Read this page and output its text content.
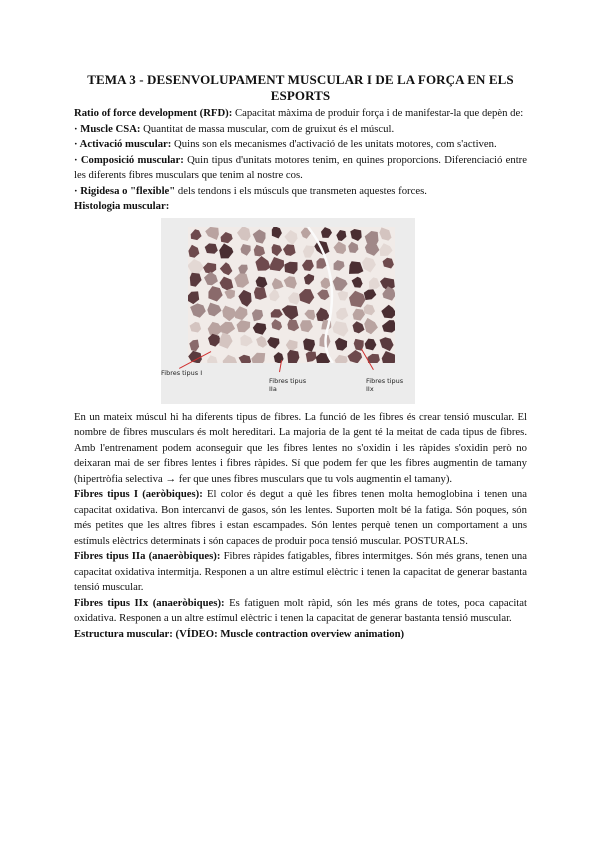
TEMA 3 - DESENVOLUPAMENT MUSCULAR I DE LA FORÇA EN ELS ESPORTS

Ratio of force development (RFD): Capacitat màxima de produir força i de manifestar-la que depèn de:

· Muscle CSA: Quantitat de massa muscular, com de gruixut és el múscul.

· Activació muscular: Quins son els mecanismes d'activació de les unitats motores, com s'activen.

· Composició muscular: Quin tipus d'unitats motores tenim, en quines proporcions. Diferenciació entre les diferents fibres musculars que tenim al nostre cos.

· Rigidesa o "flexible" dels tendons i els músculs que transmeten aquestes forces.

Histologia muscular:

Fibres tipus I
Fibres tipus IIa
Fibres tipus IIx

En un mateix múscul hi ha diferents tipus de fibres. La funció de les fibres és crear tensió muscular. El nombre de fibres musculars és molt hereditari. La majoria de la gent té la meitat de cada tipus de fibres. Amb l'entrenament podem aconseguir que les fibres lentes no s'oxidin i les ràpides s'oxidin però no deixaran mai de ser fibres lentes i fibres ràpides. Sí que podem fer que les fibres augmentin de tamany (hipertròfia selectiva → fer que unes fibres musculars que tu vols augmentin el tamany).

Fibres tipus I (aeròbiques): El color és degut a què les fibres tenen molta hemoglobina i tenen una capacitat oxidativa. Bon intercanvi de gasos, són les lentes. Suporten molt bé la fatiga. Són poques, són més petites que les altres fibres i estan escampades. Són lentes perquè tenen un comportament a uns estímuls elèctrics determinats i són capaces de produir poca tensió muscular. POSTURALS.

Fibres tipus IIa (anaeròbiques): Fibres ràpides fatigables, fibres intermitges. Són més grans, tenen una capacitat oxidativa intermitja. Responen a un altre estímul elèctric i tenen la capacitat de generar bastanta tensió muscular.

Fibres tipus IIx (anaeròbiques): Es fatiguen molt ràpid, són les més grans de totes, poca capacitat oxidativa. Responen a un altre estímul elèctric i tenen la capacitat de generar bastanta tensió muscular.

Estructura muscular: (VÍDEO: Muscle contraction overview animation)
